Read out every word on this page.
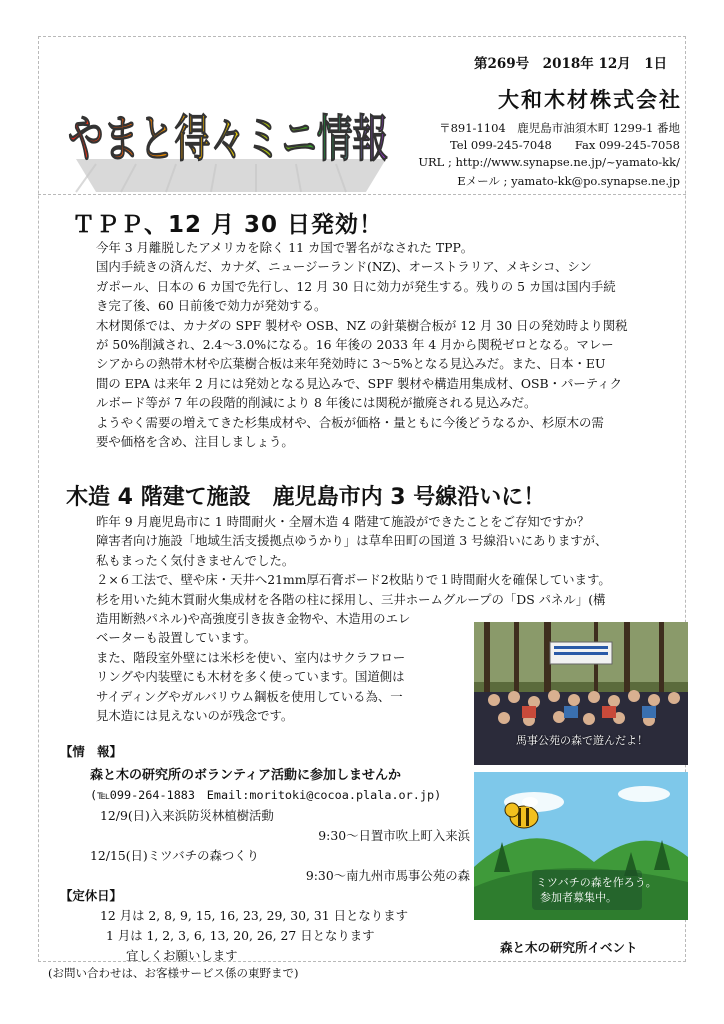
やまと得々ミニ情報
第269号　2018年 12月　1日
大和木材株式会社
〒891-1104　鹿児島市油須木町 1299-1 番地
Tel 099-245-7048　　Fax 099-245-7058
URL ; http://www.synapse.ne.jp/~yamato-kk/
Eメール ; yamato-kk@po.synapse.ne.jp
ＴＰＰ、12 月 30 日発効！

今年 3 月離脱したアメリカを除く 11 カ国で署名がなされた TPP。

国内手続きの済んだ、カナダ、ニュージーランド(NZ)、オーストラリア、メキシコ、シン

ガポール、日本の 6 カ国で先行し、12 月 30 日に効力が発生する。残りの 5 カ国は国内手続

き完了後、60 日前後で効力が発効する。

木材関係では、カナダの SPF 製材や OSB、NZ の針葉樹合板が 12 月 30 日の発効時より関税

が 50%削減され、2.4～3.0%になる。16 年後の 2033 年 4 月から関税ゼロとなる。マレー

シアからの熱帯木材や広葉樹合板は来年発効時に 3～5%となる見込みだ。また、日本・EU

間の EPA は来年 2 月には発効となる見込みで、SPF 製材や構造用集成材、OSB・パーティク

ルボード等が 7 年の段階的削減により 8 年後には関税が撤廃される見込みだ。

ようやく需要の増えてきた杉集成材や、合板が価格・量ともに今後どうなるか、杉原木の需

要や価格を含め、注目しましょう。

木造 4 階建て施設　鹿児島市内 3 号線沿いに！

昨年 9 月鹿児島市に 1 時間耐火・全層木造 4 階建て施設ができたことをご存知ですか？

障害者向け施設「地域生活支援拠点ゆうかり」は草牟田町の国道 3 号線沿いにありますが、

私もまったく気付きませんでした。

２×６工法で、壁や床・天井へ21mm厚石膏ボード2枚貼りで１時間耐火を確保しています。

杉を用いた純木質耐火集成材を各階の柱に採用し、三井ホームグループの「DS パネル」(構

造用断熱パネル)や高強度引き抜き金物や、木造用のエレ

ベーターも設置しています。

また、階段室外壁には米杉を使い、室内はサクラフロー

リングや内装壁にも木材を多く使っています。国道側は

サイディングやガルバリウム鋼板を使用している為、一

見木造には見えないのが残念です。

馬事公苑の森で遊んだよ！
ミツバチの森を作ろう。
参加者募集中。
森と木の研究所イベント
【情　報】
森と木の研究所のボランティア活動に参加しませんか
(℡099-264-1883　Email:moritoki@cocoa.plala.or.jp)
12/9(日)入来浜防災林植樹活動
9:30～日置市吹上町入来浜
12/15(日)ミツバチの森つくり
9:30～南九州市馬事公苑の森
【定休日】
12 月は 2, 8, 9, 15, 16, 23, 29, 30, 31 日となります
1 月は 1, 2, 3, 6, 13, 20, 26, 27 日となります
宜しくお願いします
(お問い合わせは、お客様サービス係の東野まで)
